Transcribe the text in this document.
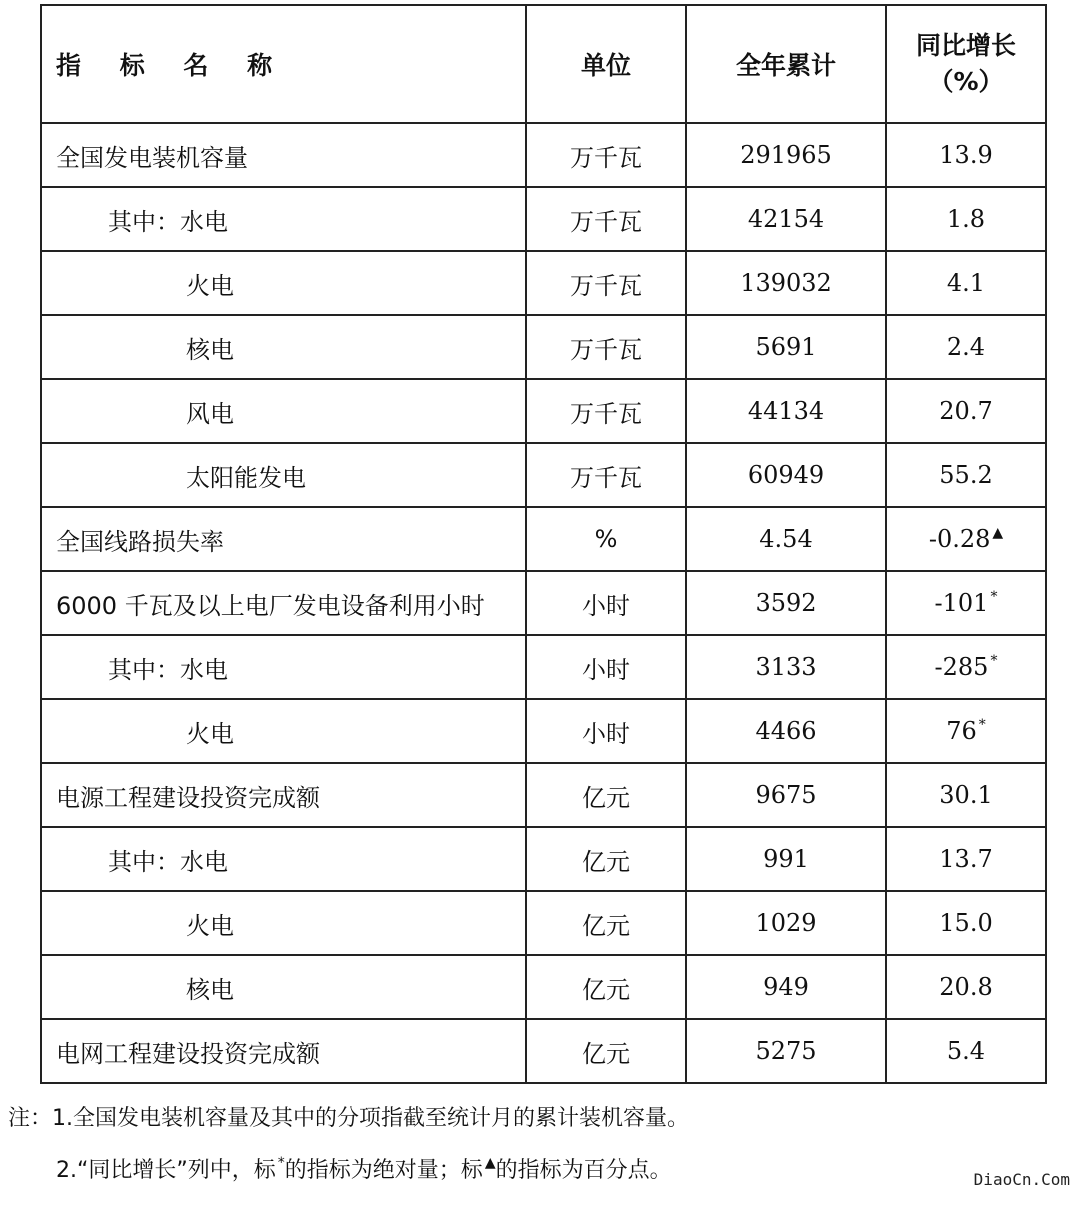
指 标 名 称	单位	全年累计	同比增长
（%）

全国发电装机容量	万千瓦	291965	13.9
其中：水电	万千瓦	42154	1.8
火电	万千瓦	139032	4.1
核电	万千瓦	5691	2.4
风电	万千瓦	44134	20.7
太阳能发电	万千瓦	60949	55.2
全国线路损失率	%	4.54	-0.28 ▲
6000 千瓦及以上电厂发电设备利用小时	小时	3592	-101 *
其中：水电	小时	3133	-285 *
火电	小时	4466	76 *
电源工程建设投资完成额	亿元	9675	30.1
其中：水电	亿元	991	13.7
火电	亿元	1029	15.0
核电	亿元	949	20.8
电网工程建设投资完成额	亿元	5275	5.4
注：1.全国发电装机容量及其中的分项指截至统计月的累计装机容量。
2.“同比增长”列中，标 *的指标为绝对量；标 ▲的指标为百分点。	DiaoCn.Com
